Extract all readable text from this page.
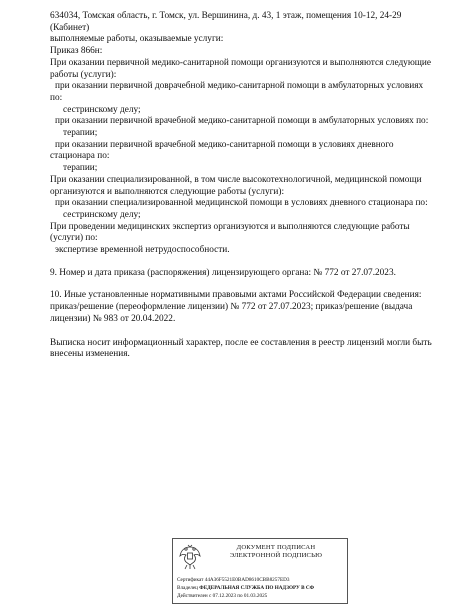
634034, Томская область, г. Томск, ул. Вершинина, д. 43, 1 этаж, помещения 10-12, 24-29

(Кабинет)

выполняемые работы, оказываемые услуги:

Приказ 866н:

При оказании первичной медико-санитарной помощи организуются и выполняются следующие

работы (услуги):

при оказании первичной доврачебной медико-санитарной помощи в амбулаторных условиях

по:

сестринскому делу;

при оказании первичной врачебной медико-санитарной помощи в амбулаторных условиях по:

терапии;

при оказании первичной врачебной медико-санитарной помощи в условиях дневного

стационара по:

терапии;

При оказании специализированной, в том числе высокотехнологичной, медицинской помощи

организуются и выполняются следующие работы (услуги):

при оказании специализированной медицинской помощи в условиях дневного стационара по:

сестринскому делу;

При проведении медицинских экспертиз организуются и выполняются следующие работы

(услуги) по:

экспертизе временной нетрудоспособности.

9. Номер и дата приказа (распоряжения) лицензирующего органа: № 772 от 27.07.2023.

10. Иные установленные нормативными правовыми актами Российской Федерации сведения:

приказ/решение (переоформление лицензии) № 772 от 27.07.2023; приказ/решение (выдача

лицензии) № 983 от 20.04.2022.

Выписка носит информационный характер, после ее составления в реестр лицензий могли быть

внесены изменения.

ДОКУМЕНТ ПОДПИСАН
ЭЛЕКТРОННОЙ ПОДПИСЬЮ
Сертификат 44A36F5521E0BAD8610CBB8257ED3
Владелец ФЕДЕРАЛЬНАЯ СЛУЖБА ПО НАДЗОРУ В СФ
Действителен с 07.12.2023 по 01.03.2025
